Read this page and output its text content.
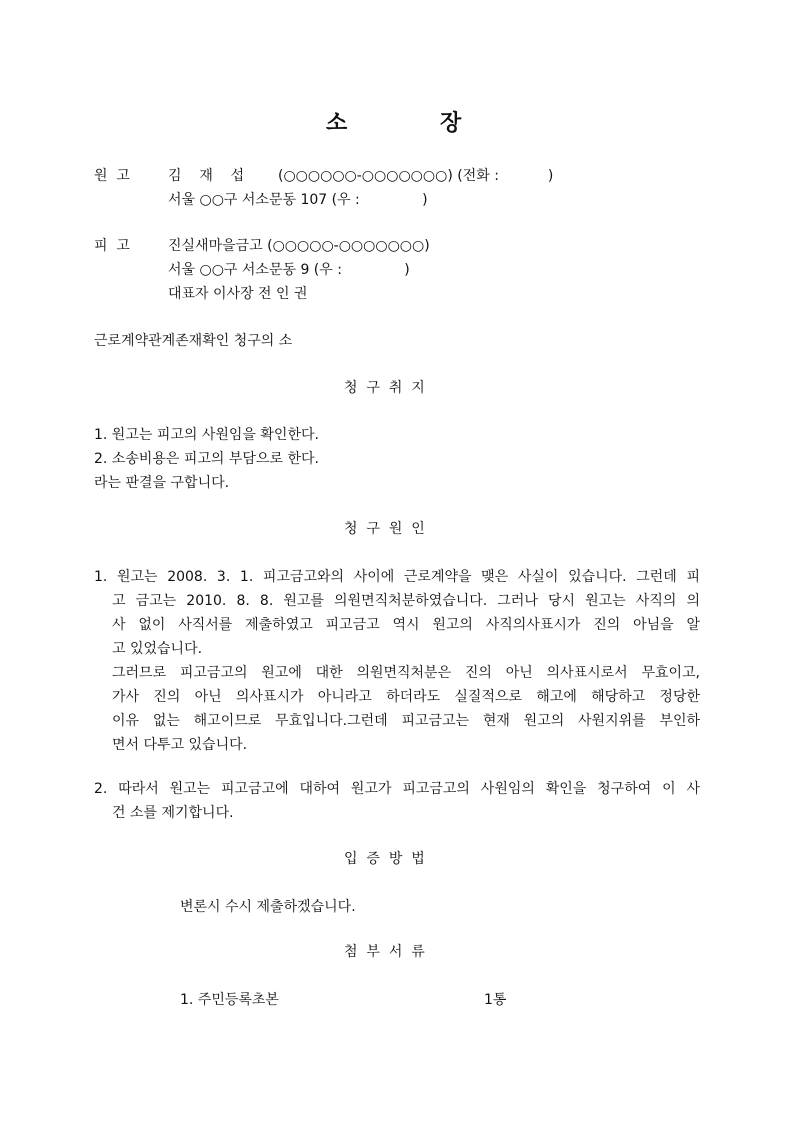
소	장
원  고	김    재    섭 (○○○○○○-○○○○○○○) (전화 :           )
서울 ○○구 서소문동 107 (우 :              )
피  고	진실새마을금고 (○○○○○-○○○○○○○)
서울 ○○구 서소문동 9 (우 :              )
대표자 이사장 전 인 권
근로계약관계존재확인 청구의 소
청  구  취  지
1. 원고는 피고의 사원임을 확인한다.
2. 소송비용은 피고의 부담으로 한다.
라는 판결을 구합니다.
청  구  원  인
1. 원고는 2008. 3. 1. 피고금고와의 사이에 근로계약을 맺은 사실이 있습니다. 그런데 피
고 금고는 2010. 8. 8. 원고를 의원면직처분하였습니다. 그러나 당시 원고는 사직의 의
사 없이 사직서를 제출하였고 피고금고 역시 원고의 사직의사표시가 진의 아님을 알
고 있었습니다.
그러므로 피고금고의 원고에 대한 의원면직처분은 진의 아닌 의사표시로서 무효이고,
가사 진의 아닌 의사표시가 아니라고 하더라도 실질적으로 해고에 해당하고 정당한
이유 없는 해고이므로 무효입니다.그런데 피고금고는 현재 원고의 사원지위를 부인하
면서 다투고 있습니다.
2. 따라서 원고는 피고금고에 대하여 원고가 피고금고의 사원임의 확인을 청구하여 이 사
건 소를 제기합니다.
입  증  방  법
변론시 수시 제출하겠습니다.
첨  부  서  류
1. 주민등록초본	1통
